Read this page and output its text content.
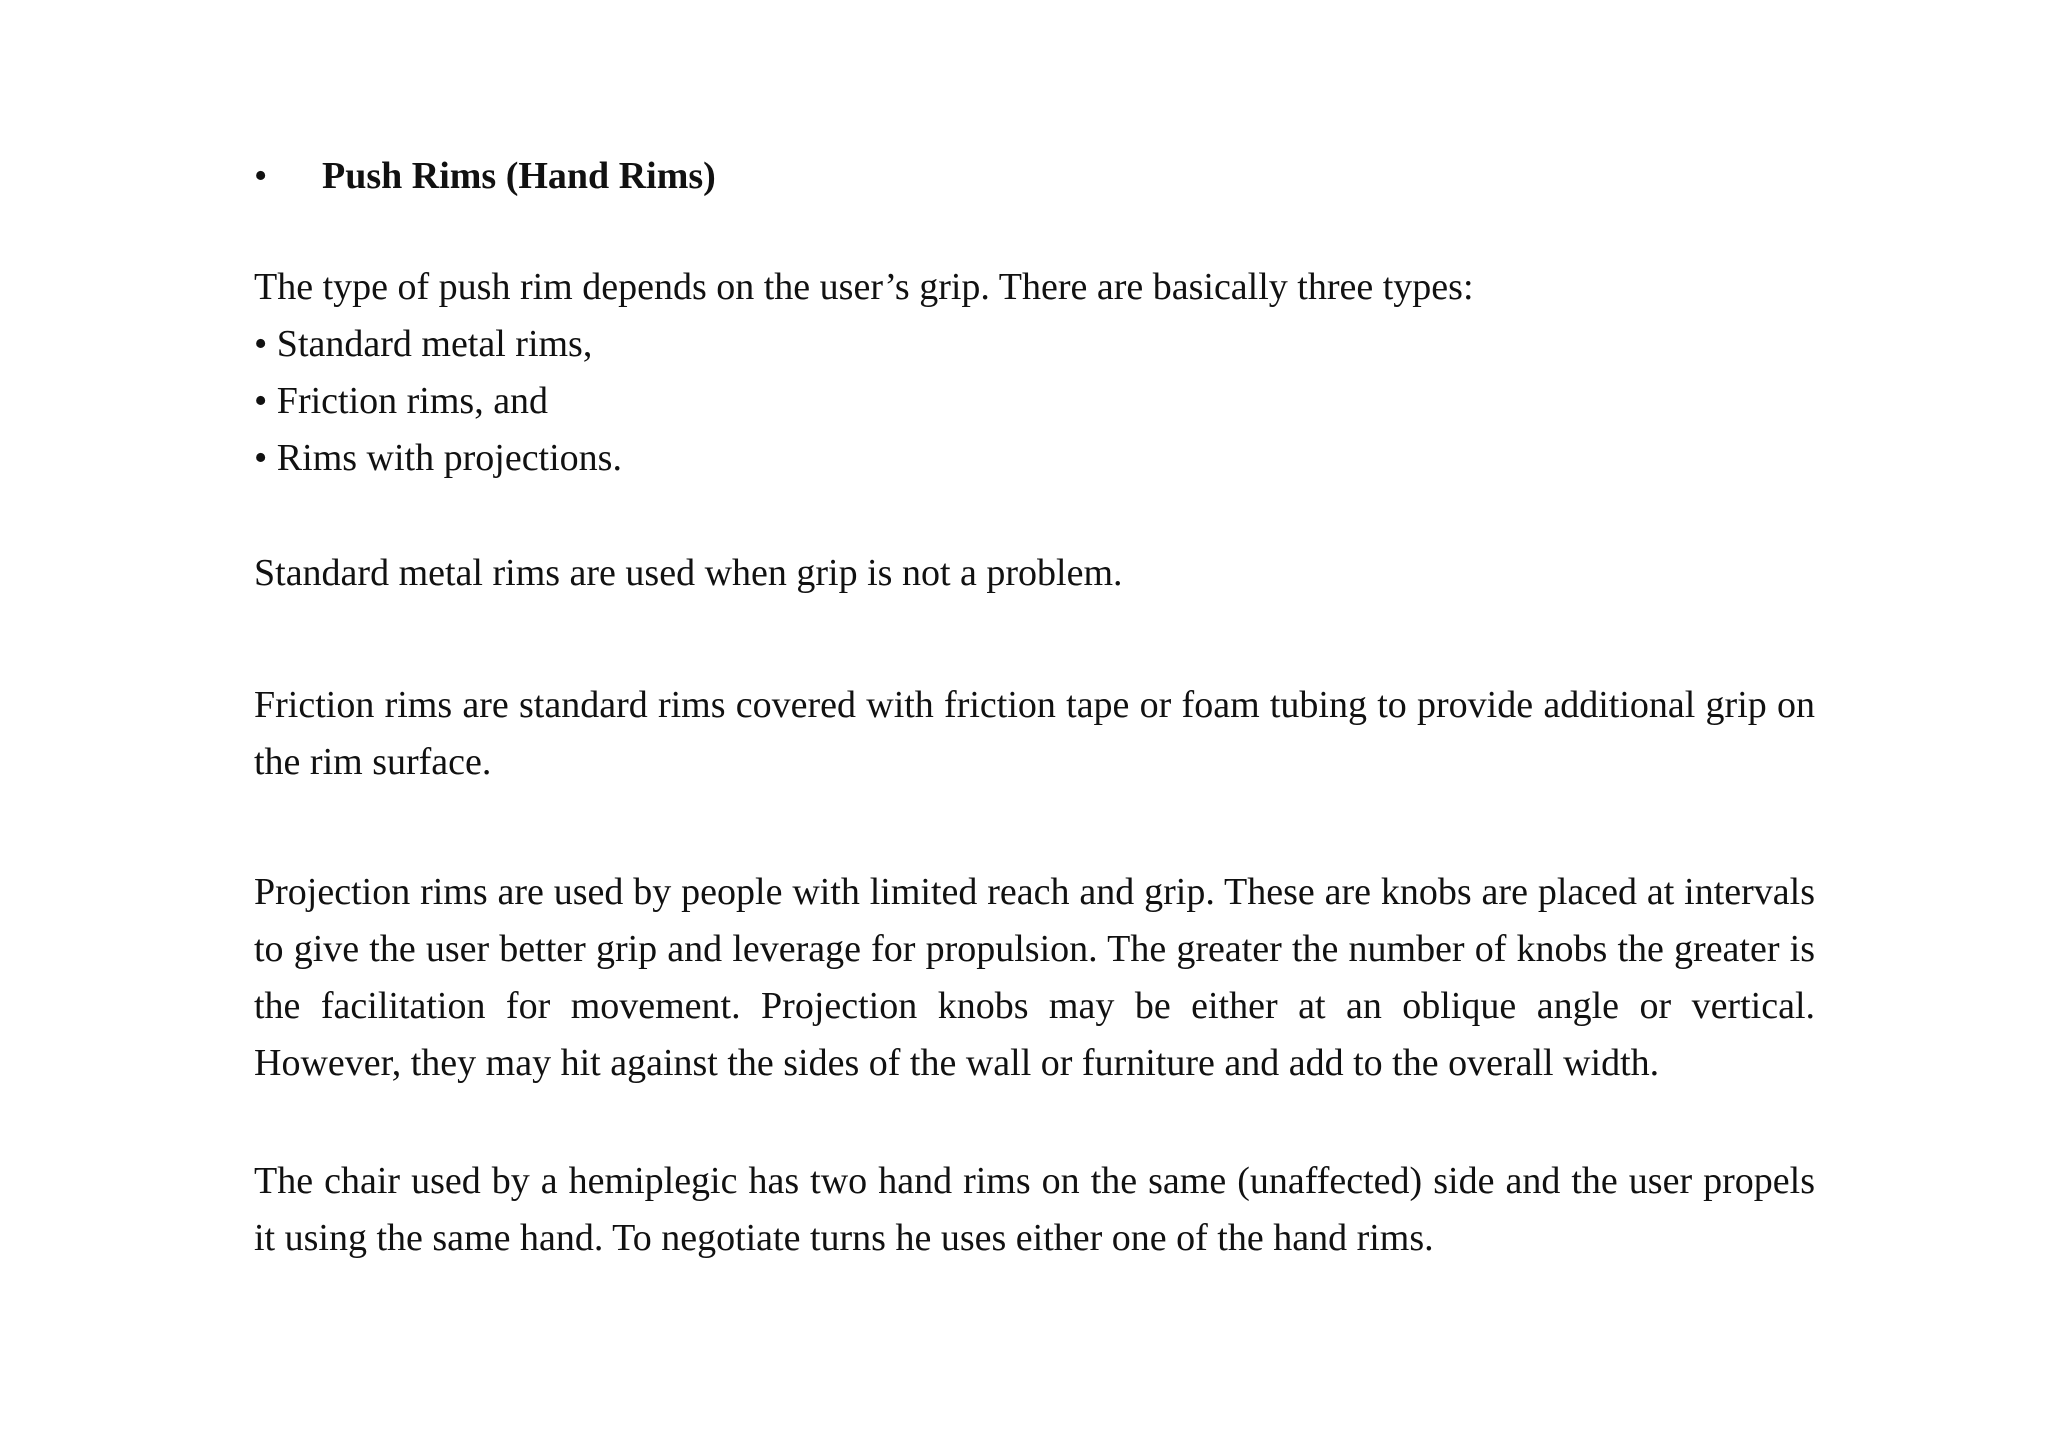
•	Push Rims (Hand Rims)

The type of push rim depends on the user’s grip. There are basically three types:

• Standard metal rims,
• Friction rims, and
• Rims with projections.

Standard metal rims are used when grip is not a problem.

Friction rims are standard rims covered with friction tape or foam tubing to provide additional grip on the rim surface.

Projection rims are used by people with limited reach and grip. These are knobs are placed at intervals to give the user better grip and leverage for propulsion. The greater the number of knobs the greater is the facilitation for movement. Projection knobs may be either at an oblique angle or vertical. However, they may hit against the sides of the wall or furniture and add to the overall width.

The chair used by a hemiplegic has two hand rims on the same (unaffected) side and the user propels it using the same hand. To negotiate turns he uses either one of the hand rims.
